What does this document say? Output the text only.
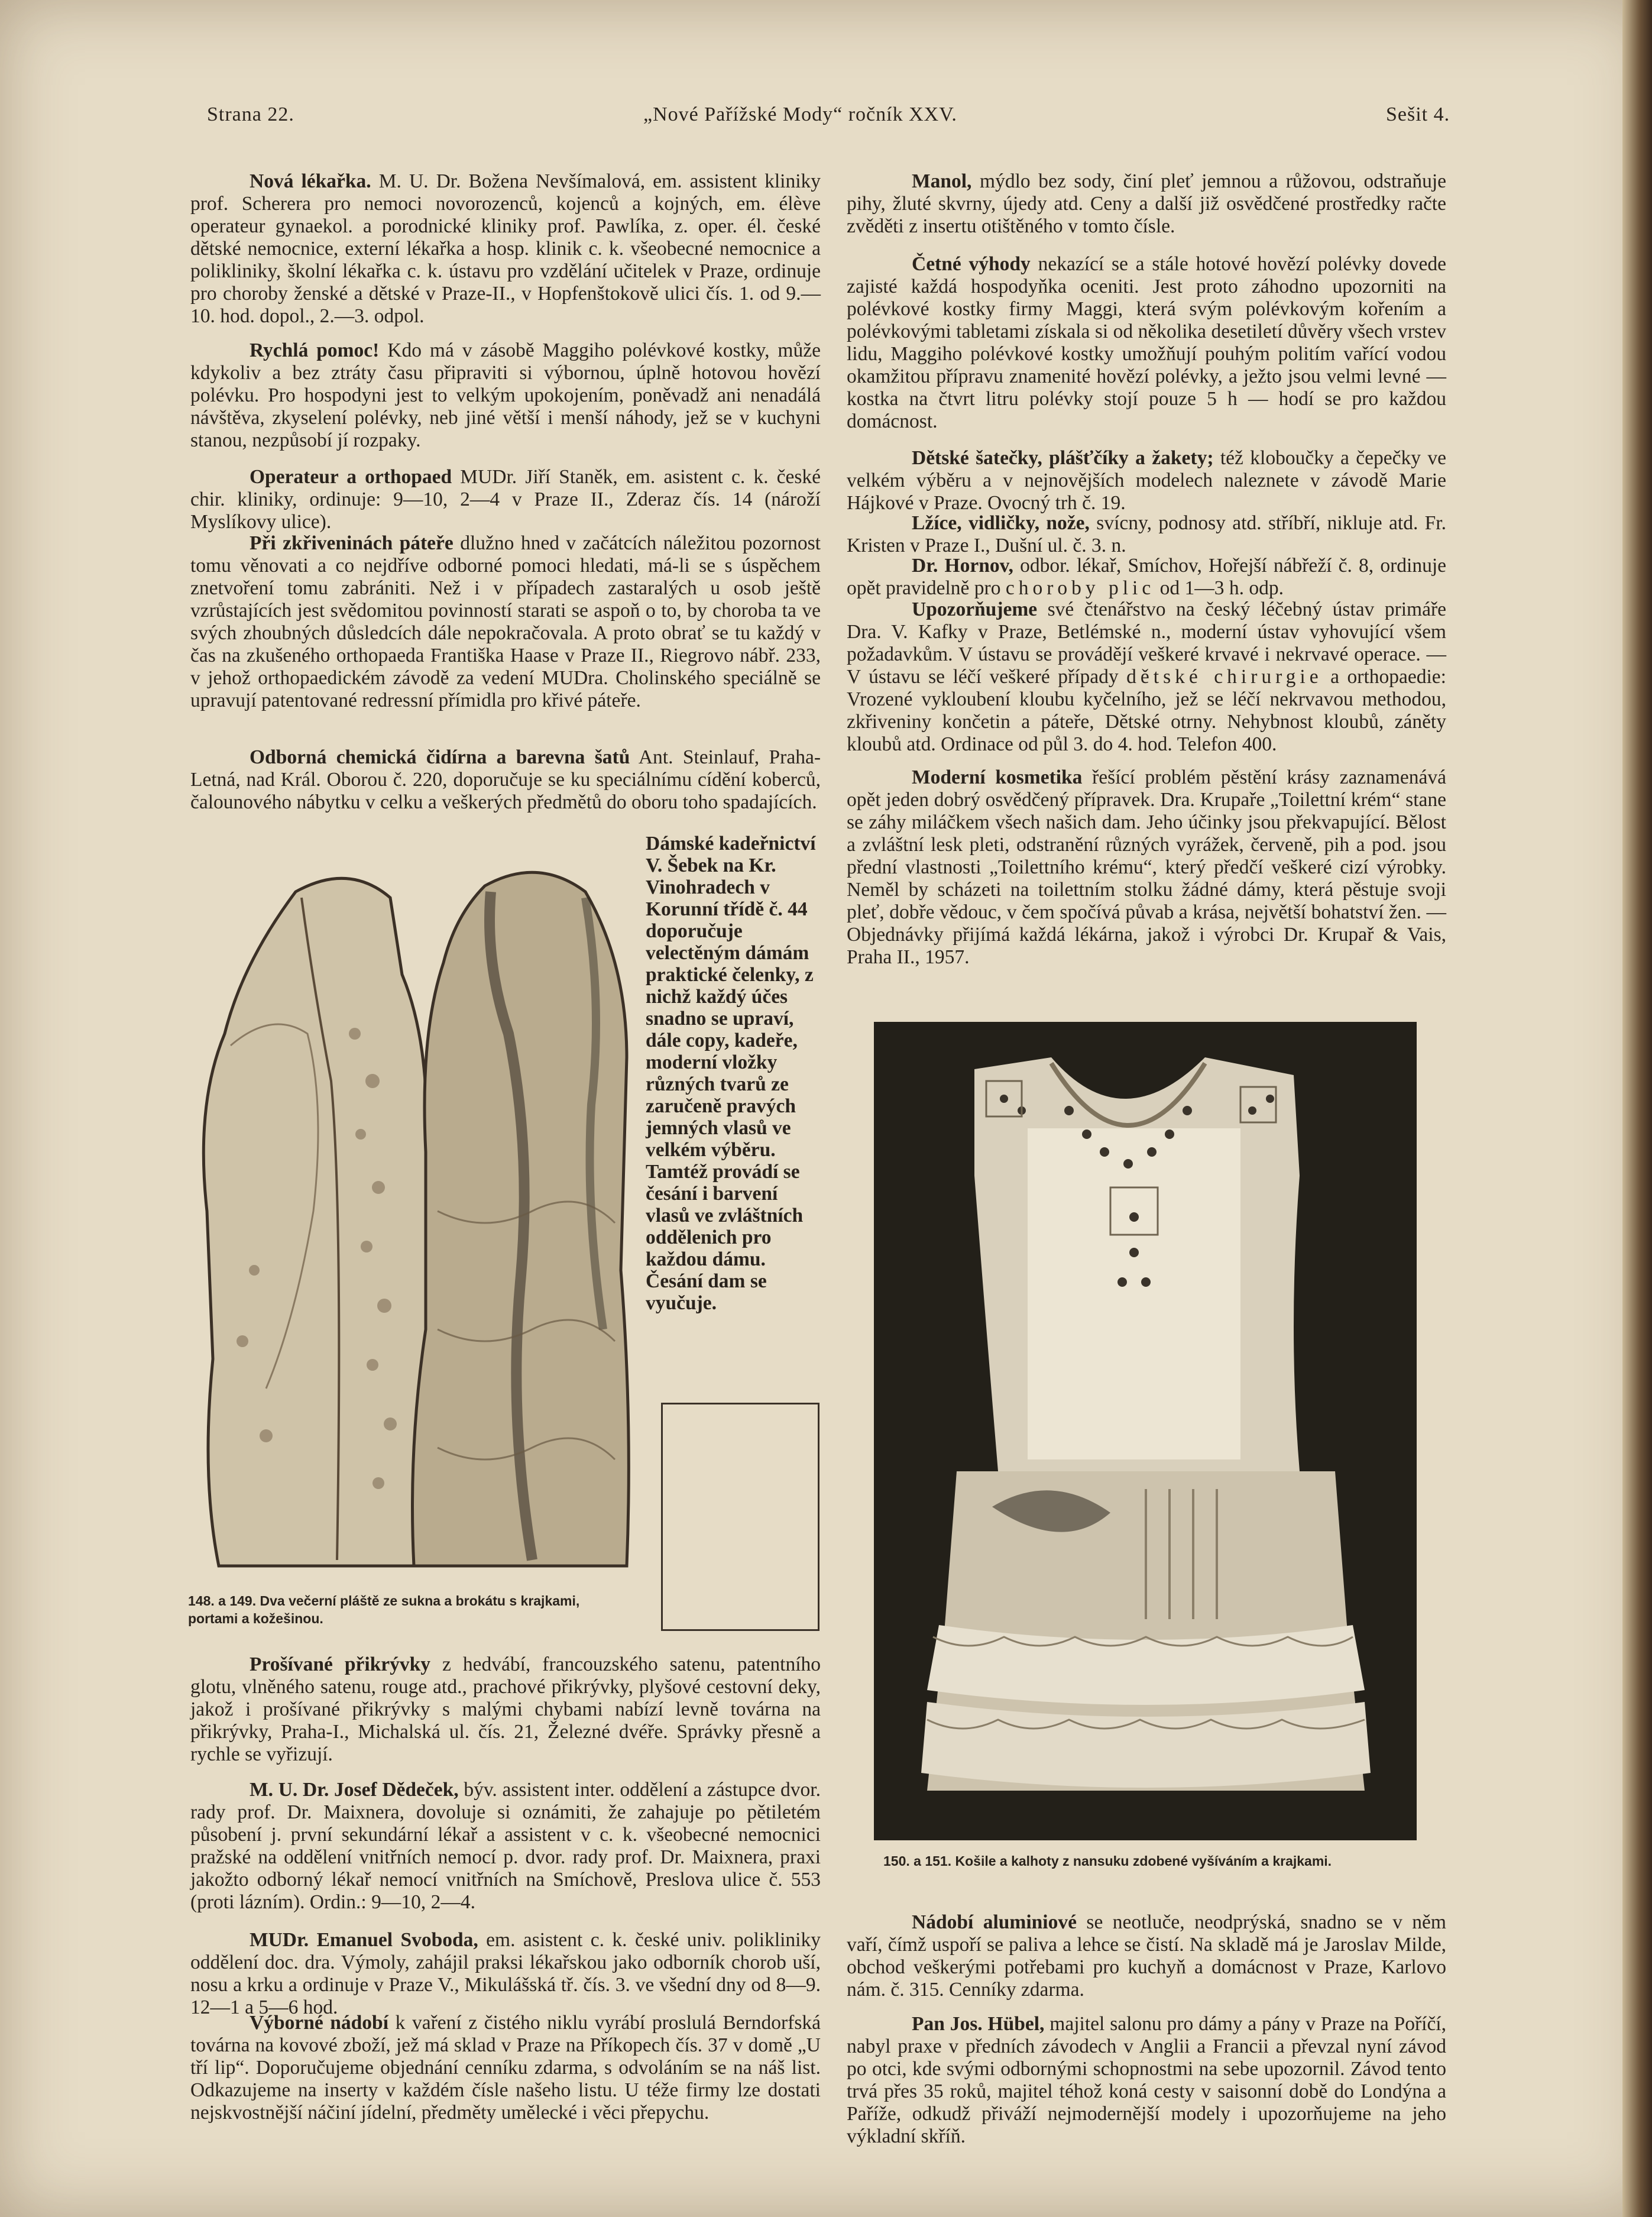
Strana 22.	„Nové Pařížské Mody“ ročník XXV.	Sešit 4.

Nová lékařka. M. U. Dr. Božena Nevšímalová, em. assistent kliniky prof. Scherera pro nemoci novorozenců, kojenců a kojných, em. élève operateur gynaekol. a porodnické kliniky prof. Pawlíka, z. oper. él. české dětské nemocnice, externí lékařka a hosp. klinik c. k. všeobecné nemocnice a polikliniky, školní lékařka c. k. ústavu pro vzdělání učitelek v Praze, ordinuje pro choroby ženské a dětské v Praze-II., v Hopfenštokově ulici čís. 1. od 9.—10. hod. dopol., 2.—3. odpol.

Rychlá pomoc! Kdo má v zásobě Maggiho polévkové kostky, může kdykoliv a bez ztráty času připraviti si výbornou, úplně hotovou hovězí polévku. Pro hospodyni jest to velkým upokojením, poněvadž ani nenadálá návštěva, zkyselení polévky, neb jiné větší i menší náhody, jež se v kuchyni stanou, nezpůsobí jí rozpaky.

Operateur a orthopaed MUDr. Jiří Staněk, em. asistent c. k. české chir. kliniky, ordinuje: 9—10, 2—4 v Praze II., Zderaz čís. 14 (nároží Myslíkovy ulice).

Při zkřiveninách páteře dlužno hned v začátcích náležitou pozornost tomu věnovati a co nejdříve odborné pomoci hledati, má-li se s úspěchem znetvoření tomu zabrániti. Než i v případech zastaralých u osob ještě vzrůstajících jest svědomitou povinností starati se aspoň o to, by choroba ta ve svých zhoubných důsledcích dále nepokračovala. A proto obrať se tu každý v čas na zkušeného orthopaeda Františka Haase v Praze II., Riegrovo nábř. 233, v jehož orthopaedickém závodě za vedení MUDra. Cholinského speciálně se upravují patentované redressní přímidla pro křivé páteře.

Odborná chemická čidírna a barevna šatů Ant. Steinlauf, Praha-Letná, nad Král. Oborou č. 220, doporučuje se ku speciálnímu cídění koberců, čalounového nábytku v celku a veškerých předmětů do oboru toho spadajících.

148. a 149. Dva večerní pláště ze sukna a brokátu s krajkami, portami a kožešinou.

Dámské kadeřnictví V. Šebek na Kr. Vinohradech v Korunní třídě č. 44 doporučuje velectěným dámám praktické čelenky, z nichž každý účes snadno se upraví, dále copy, kadeře, moderní vložky různých tvarů ze zaručeně pravých jemných vlasů ve velkém výběru. Tamtéž provádí se česání i barvení vlasů ve zvláštních oddělenich pro každou dámu. Česání dam se vyučuje.

Prošívané přikrývky z hedvábí, francouzského satenu, patentního glotu, vlněného satenu, rouge atd., prachové přikrývky, plyšové cestovní deky, jakož i prošívané přikrývky s malými chybami nabízí levně továrna na přikrývky, Praha-I., Michalská ul. čís. 21, Železné dvéře. Správky přesně a rychle se vyřizují.

M. U. Dr. Josef Dědeček, býv. assistent inter. oddělení a zástupce dvor. rady prof. Dr. Maixnera, dovoluje si oznámiti, že zahajuje po pětiletém působení j. první sekundární lékař a assistent v c. k. všeobecné nemocnici pražské na oddělení vnitřních nemocí p. dvor. rady prof. Dr. Maixnera, praxi jakožto odborný lékař nemocí vnitřních na Smíchově, Preslova ulice č. 553 (proti lázním). Ordin.: 9—10, 2—4.

MUDr. Emanuel Svoboda, em. asistent c. k. české univ. polikliniky oddělení doc. dra. Výmoly, zahájil praksi lékařskou jako odborník chorob uší, nosu a krku a ordinuje v Praze V., Mikulášská tř. čís. 3. ve všední dny od 8—9. 12—1 a 5—6 hod.

Výborné nádobí k vaření z čistého niklu vyrábí proslulá Berndorfská továrna na kovové zboží, jež má sklad v Praze na Příkopech čís. 37 v domě „U tří lip“. Doporučujeme objednání cenníku zdarma, s odvoláním se na náš list. Odkazujeme na inserty v každém čísle našeho listu. U téže firmy lze dostati nejskvostnější náčiní jídelní, předměty umělecké i věci přepychu.

Manol, mýdlo bez sody, činí pleť jemnou a růžovou, odstraňuje pihy, žluté skvrny, újedy atd. Ceny a další již osvědčené prostředky račte zvěděti z insertu otištěného v tomto čísle.

Četné výhody nekazící se a stále hotové hovězí polévky dovede zajisté každá hospodyňka oceniti. Jest proto záhodno upozorniti na polévkové kostky firmy Maggi, která svým polévkovým kořením a polévkovými tabletami získala si od několika desetiletí důvěry všech vrstev lidu, Maggiho polévkové kostky umožňují pouhým politím vařící vodou okamžitou přípravu znamenité hovězí polévky, a ježto jsou velmi levné — kostka na čtvrt litru polévky stojí pouze 5 h — hodí se pro každou domácnost.

Dětské šatečky, plášťčíky a žakety; též kloboučky a čepečky ve velkém výběru a v nejnovějších modelech naleznete v závodě Marie Hájkové v Praze. Ovocný trh č. 19.

Lžíce, vidličky, nože, svícny, podnosy atd. stříbří, nikluje atd. Fr. Kristen v Praze I., Dušní ul. č. 3. n.

Dr. Hornov, odbor. lékař, Smíchov, Hořejší nábřeží č. 8, ordinuje opět pravidelně pro choroby plic od 1—3 h. odp.

Upozorňujeme své čtenářstvo na český léčebný ústav primáře Dra. V. Kafky v Praze, Betlémské n., moderní ústav vyhovující všem požadavkům. V ústavu se provádějí veškeré krvavé i nekrvavé operace. — V ústavu se léčí veškeré případy dětské chirurgie a orthopaedie: Vrozené vykloubení kloubu kyčelního, jež se léčí nekrvavou methodou, zkřiveniny končetin a páteře, Dětské otrny. Nehybnost kloubů, záněty kloubů atd. Ordinace od půl 3. do 4. hod. Telefon 400.

Moderní kosmetika řešící problém pěstění krásy zaznamenává opět jeden dobrý osvědčený přípravek. Dra. Krupaře „Toilettní krém“ stane se záhy miláčkem všech našich dam. Jeho účinky jsou překvapující. Bělost a zvláštní lesk pleti, odstranění různých vyrážek, červeně, pih a pod. jsou přední vlastnosti „Toilettního krému“, který předčí veškeré cizí výrobky. Neměl by scházeti na toilettním stolku žádné dámy, která pěstuje svoji pleť, dobře vědouc, v čem spočívá půvab a krása, největší bohatství žen. — Objednávky přijímá každá lékárna, jakož i výrobci Dr. Krupař & Vais, Praha II., 1957.

150. a 151. Košile a kalhoty z nansuku zdobené vyšíváním a krajkami.

Nádobí aluminiové se neotluče, neodprýská, snadno se v něm vaří, čímž uspoří se paliva a lehce se čistí. Na skladě má je Jaroslav Milde, obchod veškerými potřebami pro kuchyň a domácnost v Praze, Karlovo nám. č. 315. Cenníky zdarma.

Pan Jos. Hübel, majitel salonu pro dámy a pány v Praze na Poříčí, nabyl praxe v předních závodech v Anglii a Francii a převzal nyní závod po otci, kde svými odbornými schopnostmi na sebe upozornil. Závod tento trvá přes 35 roků, majitel téhož koná cesty v saisonní době do Londýna a Paříže, odkudž přiváží nejmodernější modely i upozorňujeme na jeho výkladní skříň.
